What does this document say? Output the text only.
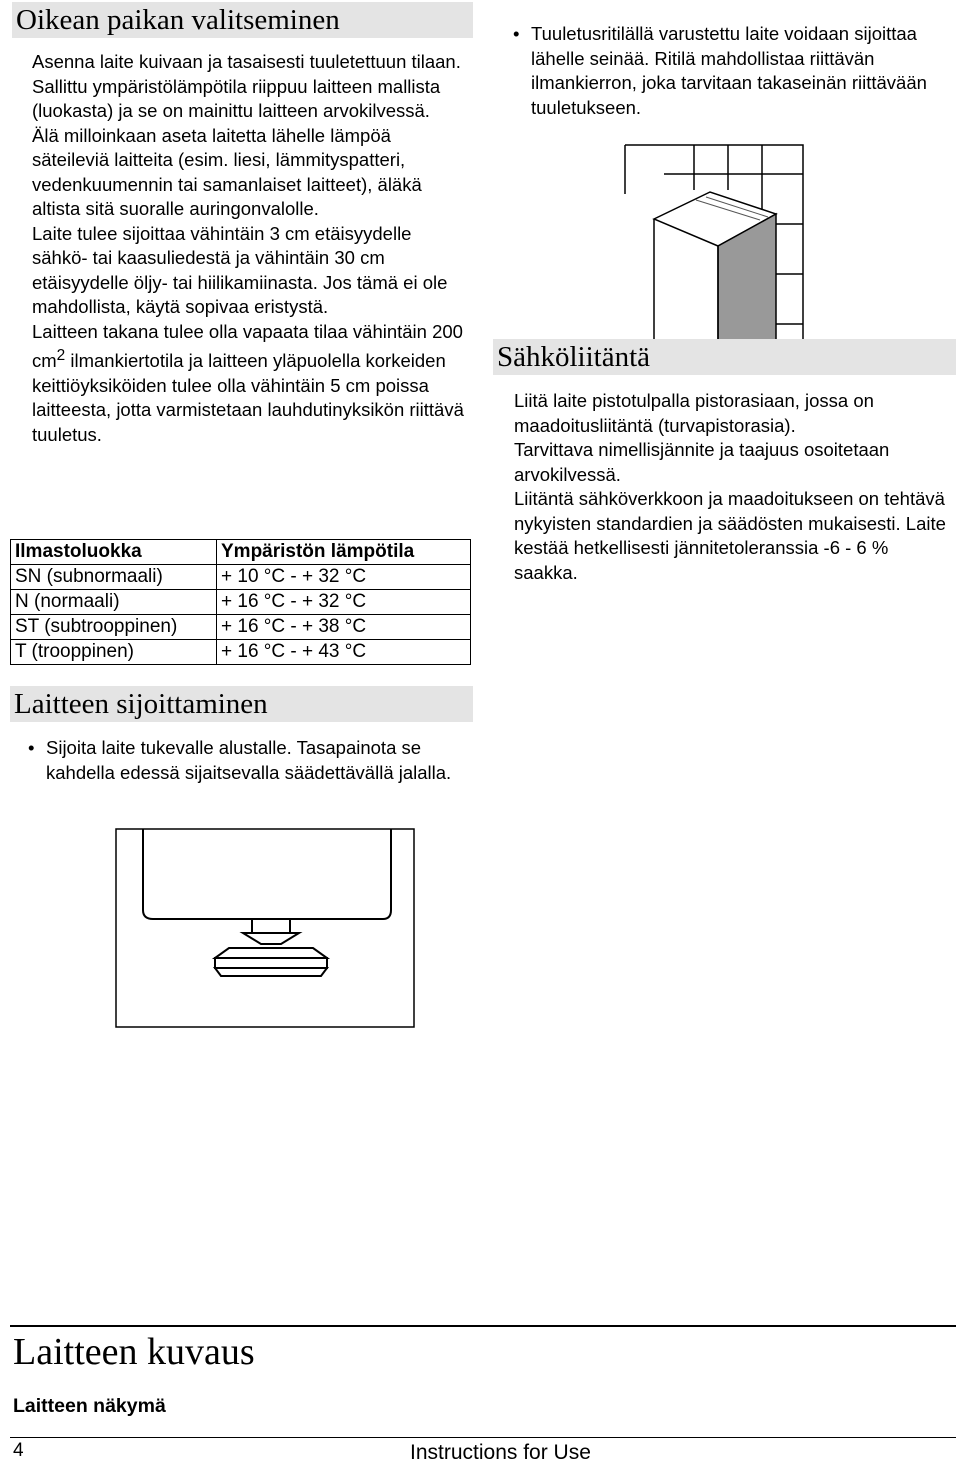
Oikean paikan valitseminen

Asenna laite kuivaan ja tasaisesti tuuletettuun tilaan. Sallittu ympäristölämpötila riippuu laitteen mallista (luokasta) ja se on mainittu laitteen arvokilvessä.

Älä milloinkaan aseta laitetta lähelle lämpöä säteileviä laitteita (esim. liesi, lämmityspatteri, vedenkuumennin tai samanlaiset laitteet), äläkä altista sitä suoralle auringonvalolle.

Laite tulee sijoittaa vähintäin 3 cm etäisyydelle sähkö- tai kaasuliedestä ja vähintäin 30 cm etäisyydelle öljy- tai hiilikamiinasta. Jos tämä ei ole mahdollista, käytä sopivaa eristystä.

Laitteen takana tulee olla vapaata tilaa vähintäin 200 $cm^2$ ilmankiertotila ja laitteen yläpuolella korkeiden keittiöyksiköiden tulee olla vähintäin 5 cm poissa laitteesta, jotta varmistetaan lauhdutinyksikön riittävä tuuletus.

Ilmastoluokka	Ympäristön lämpötila
SN (subnormaali)	+ 10 °C - + 32 °C
N (normaali)	+ 16 °C - + 32 °C
ST (subtrooppinen)	+ 16 °C - + 38 °C
T (trooppinen)	+ 16 °C - + 43 °C
Laitteen sijoittaminen
• Sijoita laite tukevalle alustalle. Tasapainota se kahdella edessä sijaitsevalla säädettävällä jalalla.

• Tuuletusritilällä varustettu laite voidaan sijoittaa lähelle seinää. Ritilä mahdollistaa riittävän ilmankierron, joka tarvitaan takaseinän riittävään tuuletukseen.

Sähköliitäntä

Liitä laite pistotulpalla pistorasiaan, jossa on maadoitusliitäntä (turvapistorasia).

Tarvittava nimellisjännite ja taajuus osoitetaan arvokilvessä.

Liitäntä sähköverkkoon ja maadoitukseen on tehtävä nykyisten standardien ja säädösten mukaisesti. Laite kestää hetkellisesti jännitetoleranssia -6 - 6 % saakka.

Laitteen kuvaus
Laitteen näkymä
4	Instructions for Use
